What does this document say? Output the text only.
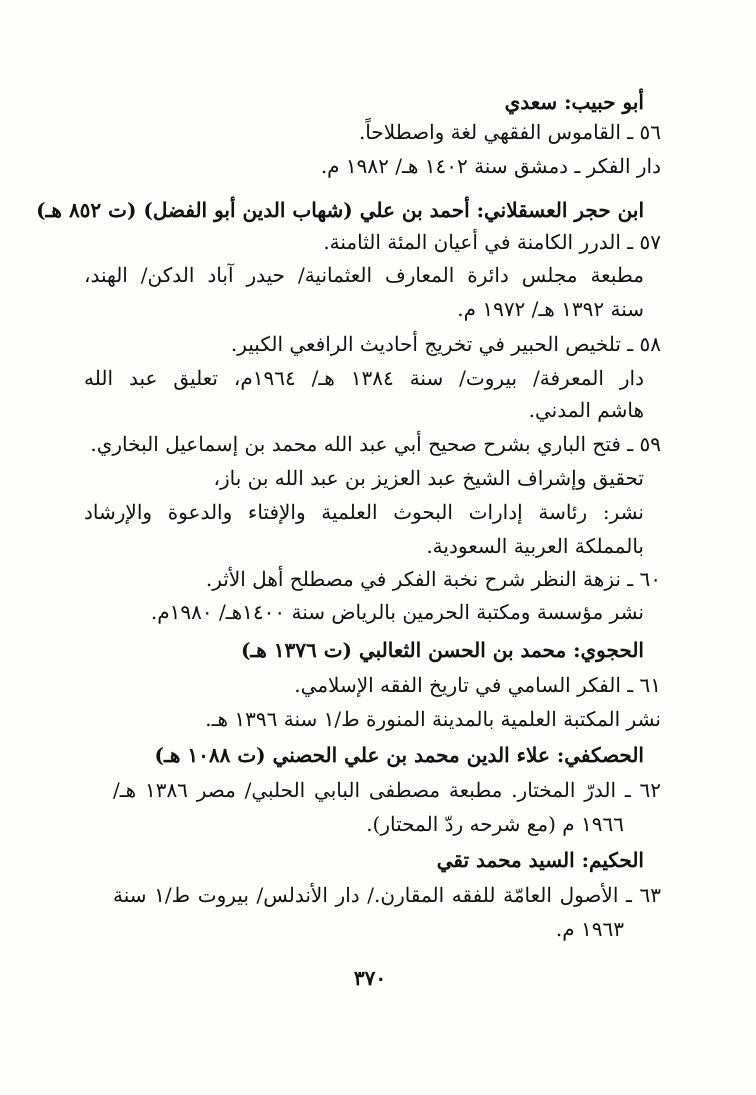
أبو حبيب: سعدي
٥٦ ـ القاموس الفقهي لغة واصطلاحاً.
دار الفكر ـ دمشق سنة ١٤٠٢ هـ/ ١٩٨٢ م.
ابن حجر العسقلاني: أحمد بن علي (شهاب الدين أبو الفضل) (ت ٨٥٢ هـ)
٥٧ ـ الدرر الكامنة في أعيان المئة الثامنة.
مطبعة مجلس دائرة المعارف العثمانية/ حيدر آباد الدكن/ الهند،
سنة ١٣٩٢ هـ/ ١٩٧٢ م.
٥٨ ـ تلخيص الحبير في تخريج أحاديث الرافعي الكبير.
دار المعرفة/ بيروت/ سنة ١٣٨٤ هـ/ ١٩٦٤م، تعليق عبد الله
هاشم المدني.
٥٩ ـ فتح الباري بشرح صحيح أبي عبد الله محمد بن إسماعيل البخاري.
تحقيق وإشراف الشيخ عبد العزيز بن عبد الله بن باز،
نشر: رئاسة إدارات البحوث العلمية والإفتاء والدعوة والإرشاد
بالمملكة العربية السعودية.
٦٠ ـ نزهة النظر شرح نخبة الفكر في مصطلح أهل الأثر.
نشر مؤسسة ومكتبة الحرمين بالرياض سنة ١٤٠٠هـ/ ١٩٨٠م.
الحجوي: محمد بن الحسن الثعالبي (ت ١٣٧٦ هـ)
٦١ ـ الفكر السامي في تاريخ الفقه الإسلامي.
نشر المكتبة العلمية بالمدينة المنورة ط/١ سنة ١٣٩٦ هـ.
الحصكفي: علاء الدين محمد بن علي الحصني (ت ١٠٨٨ هـ)
٦٢ ـ الدرّ المختار. مطبعة مصطفى البابي الحلبي/ مصر ١٣٨٦ هـ/
١٩٦٦ م (مع شرحه ردّ المحتار).
الحكيم: السيد محمد تقي
٦٣ ـ الأصول العامّة للفقه المقارن./ دار الأندلس/ بيروت ط/١ سنة
١٩٦٣ م.
٣٧٠
